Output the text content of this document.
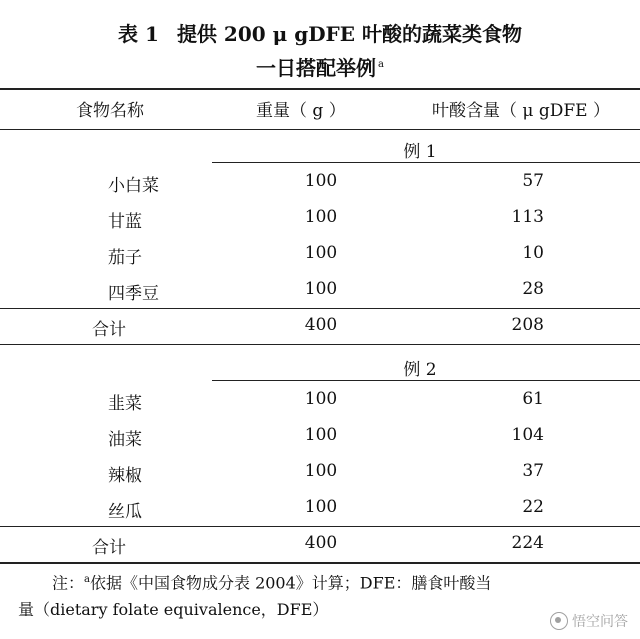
表 1 提供 200 μ gDFE 叶酸的蔬菜类食物
一日搭配举例 $^a$
食物名称	重量（ g ）	叶酸含量（ μ gDFE ）
例 1
小白菜	100	57
甘蓝	100	113
茄子	100	10
四季豆	100	28
合计	400	208
例 2
韭菜	100	61
油菜	100	104
辣椒	100	37
丝瓜	100	22
合计	400	224
注：$^a$依据《中国食物成分表 2004》计算；DFE：膳食叶酸当
量（dietary folate equivalence，DFE）
悟空问答
